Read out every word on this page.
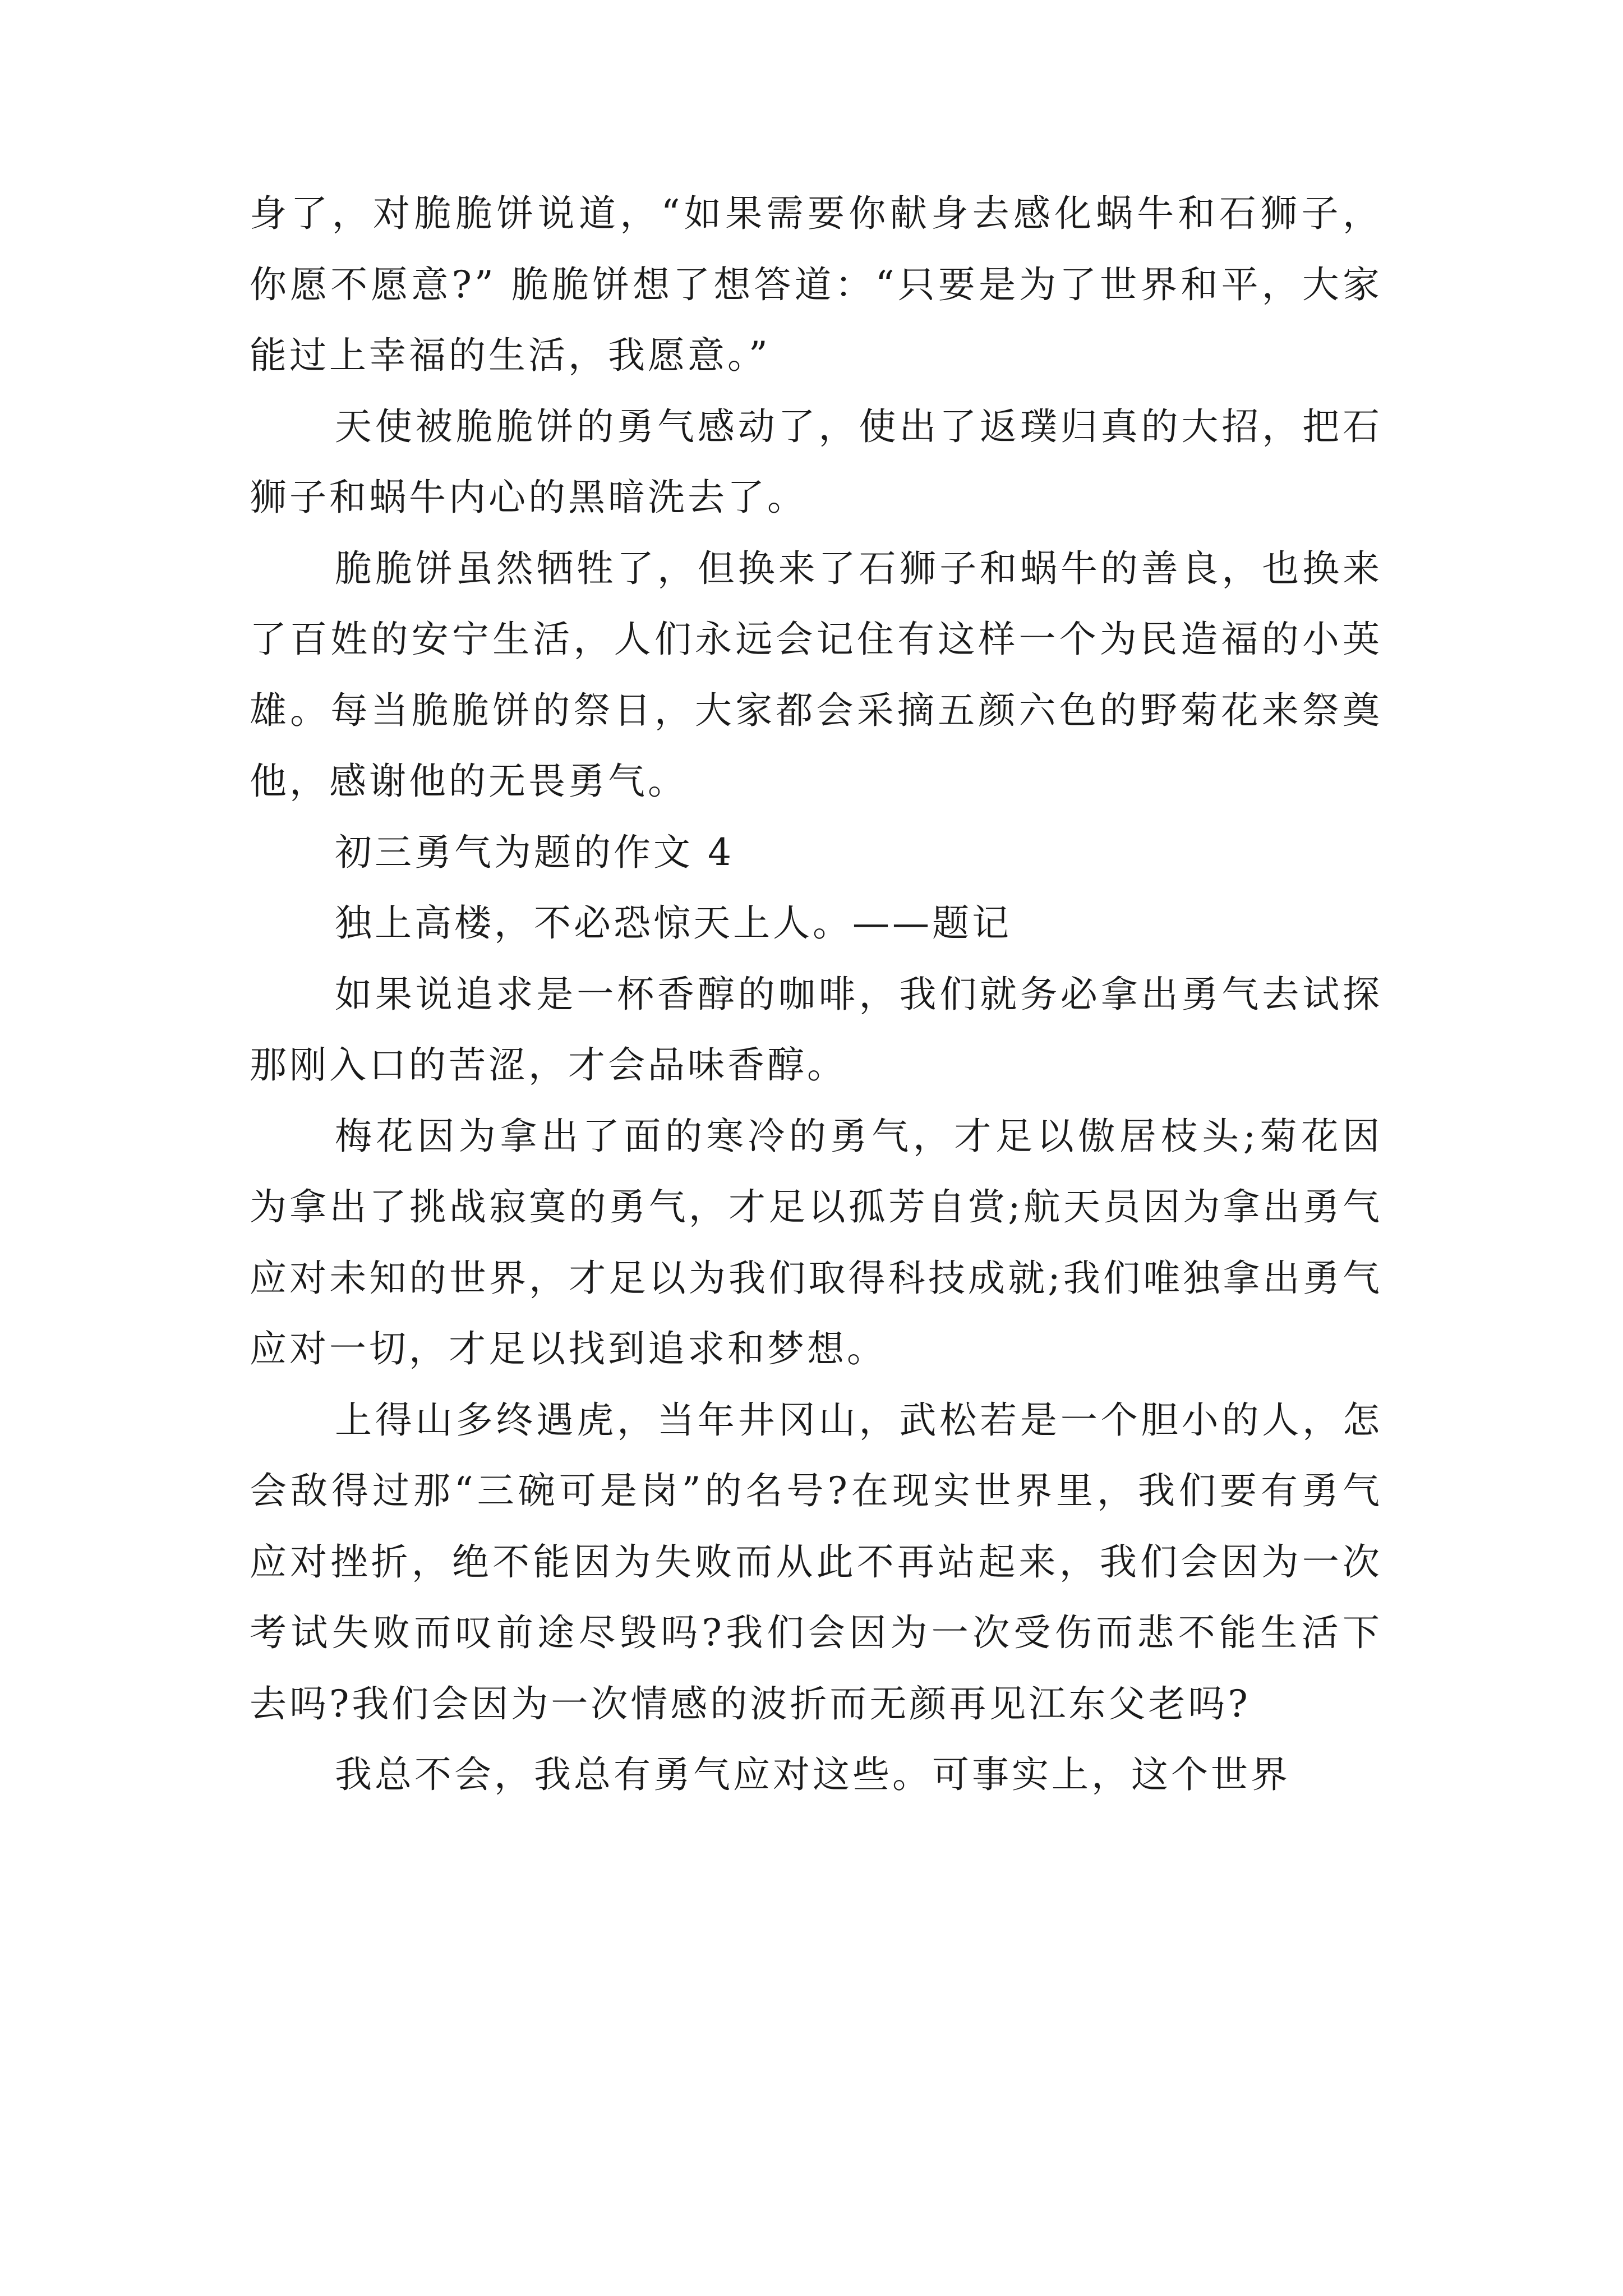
身了，对脆脆饼说道，“如果需要你献身去感化蜗牛和石狮子，你愿不愿意?” 脆脆饼想了想答道：“只要是为了世界和平，大家能过上幸福的生活，我愿意。”

天使被脆脆饼的勇气感动了，使出了返璞归真的大招，把石狮子和蜗牛内心的黑暗洗去了。

脆脆饼虽然牺牲了，但换来了石狮子和蜗牛的善良，也换来了百姓的安宁生活，人们永远会记住有这样一个为民造福的小英雄。每当脆脆饼的祭日，大家都会采摘五颜六色的野菊花来祭奠他，感谢他的无畏勇气。

初三勇气为题的作文 4

独上高楼，不必恐惊天上人。——题记

如果说追求是一杯香醇的咖啡，我们就务必拿出勇气去试探那刚入口的苦涩，才会品味香醇。

梅花因为拿出了面的寒冷的勇气，才足以傲居枝头;菊花因为拿出了挑战寂寞的勇气，才足以孤芳自赏;航天员因为拿出勇气应对未知的世界，才足以为我们取得科技成就;我们唯独拿出勇气应对一切，才足以找到追求和梦想。

上得山多终遇虎，当年井冈山，武松若是一个胆小的人，怎会敌得过那“三碗可是岗”的名号?在现实世界里，我们要有勇气应对挫折，绝不能因为失败而从此不再站起来，我们会因为一次考试失败而叹前途尽毁吗?我们会因为一次受伤而悲不能生活下去吗?我们会因为一次情感的波折而无颜再见江东父老吗?

我总不会，我总有勇气应对这些。可事实上，这个世界
